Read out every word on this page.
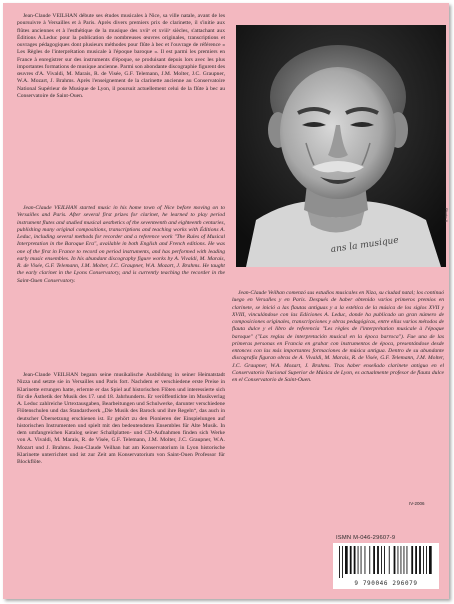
Jean-Claude VEILHAN débute ses études musicales à Nice, sa ville natale, avant de les poursuivre à Versailles et à Paris. Après divers premiers prix de clarinette, il s'initie aux flûtes anciennes et à l'esthétique de la musique des xviiᵉ et xviiiᵉ siècles, s'attachant aux Éditions A.Leduc pour la publication de nombreuses œuvres originales, transcriptions et ouvrages pédagogiques dont plusieurs méthodes pour flûte à bec et l'ouvrage de référence « Les Règles de l'interprétation musicale à l'époque baroque ». Il est parmi les premiers en France à enregistrer sur des instruments d'époque, se produisant depuis lors avec les plus importantes formations de musique ancienne. Parmi son abondante discographie figurent des œuvres d'A. Vivaldi, M. Marais, R. de Visée, G.F. Telemann, J.M. Molter, J.C. Graupner, W.A. Mozart, J. Brahms. Après l'enseignement de la clarinette ancienne au Conservatoire National Supérieur de Musique de Lyon, il poursuit actuellement celui de la flûte à bec au Conservatoire de Saint-Ouen.
Jean-Claude VEILHAN started music in his home town of Nice before moving on to Versailles and Paris. After several first prizes for clarinet, he learned to play period instrument flutes and studied musical aesthetics of the seventeenth and eighteenth centuries, publishing many original compositions, transcriptions and teaching works with Éditions A. Leduc, including several methods for recorder and a reference work "The Rules of Musical Interpretation in the Baroque Era", available in both English and French editions. He was one of the first in France to record on period instruments, and has performed with leading early music ensembles. In his abundant discography figure works by A. Vivaldi, M. Marais, R. de Visée, G.F. Telemann, J.M. Molter, J.C. Graupner, W.A. Mozart, J. Brahms. He taught the early clarinet in the Lyons Conservatory, and is currently teaching the recorder in the Saint-Ouen Conservatory.
Jean-Claude VEILHAN begann seine musikalische Ausbildung in seiner Heimatstadt Nizza und setzte sie in Versailles und Paris fort. Nachdem er verschiedene erste Preise in Klarinette errungen hatte, erlernte er das Spiel auf historischen Flöten und interessierte sich für die Ästhetik der Musik des 17. und 18. Jahrhunderts. Er veröffentlichte im Musikverlag A. Leduc zahlreiche Urtextausgaben, Bearbeitungen und Schulwerke, darunter verschiedene Flötenschulen und das Standardwerk „Die Musik des Barock und ihre Regeln“, das auch in deutscher Übersetzung erschienen ist. Er gehört zu den Pionieren der Einspielungen auf historischen Instrumenten und spielt mit den bedeutendsten Ensembles für Alte Musik. In dem umfangreichen Katalog seiner Schallplatten- und CD-Aufnahmen finden sich Werke von A. Vivaldi, M. Marais, R. de Visée, G.F. Telemann, J.M. Molter, J.C. Graupner, W.A. Mozart und J. Brahms. Jean-Claude Veilhan hat am Konservatorium in Lyon historische Klarinette unterrichtet und ist zur Zeit am Konservatorium von Saint-Ouen Professor für Blockflöte.
Jean-Claude Veilhan comenzó sus estudios musicales en Niza, su ciudad natal; los continuó luego en Versalles y en Paris. Después de haber obtenido varios primeros premios en clarinete, se inició a las flautas antiguas y a la estética de la música de los siglos XVII y XVIII, vinculándose con las Ediciones A. Leduc, donde ha publicado un gran número de composiciones originales, transcripciones y obras pedagógicas, entre ellas varios métodos de flauta dulce y el libro de referencia "Les règles de l'interprétation musicale à l'époque baroque" ("Las reglas de interpretación musical en la época barroca"). Fue una de las primeras personas en Francia en grabar con instrumentos de época, presentándose desde entonces con las más importantes formaciones de música antigua. Dentro de su abundante discografía figuran obras de A. Vivaldi, M. Marais, R. de Visée, G.F. Telemann, J.M. Molter, J.C. Graupner, W.A. Mozart, J. Brahms. Tras haber enseñado clarinete antiguo en el Conservatorio Nacional Superior de Música de Lyon, es actualmente profesor de flauta dulce en el Conservatorio de Saint-Ouen.
ans la musique
Photo X
IV-2006
ISMN M-046-29607-9
9 790046 296079
